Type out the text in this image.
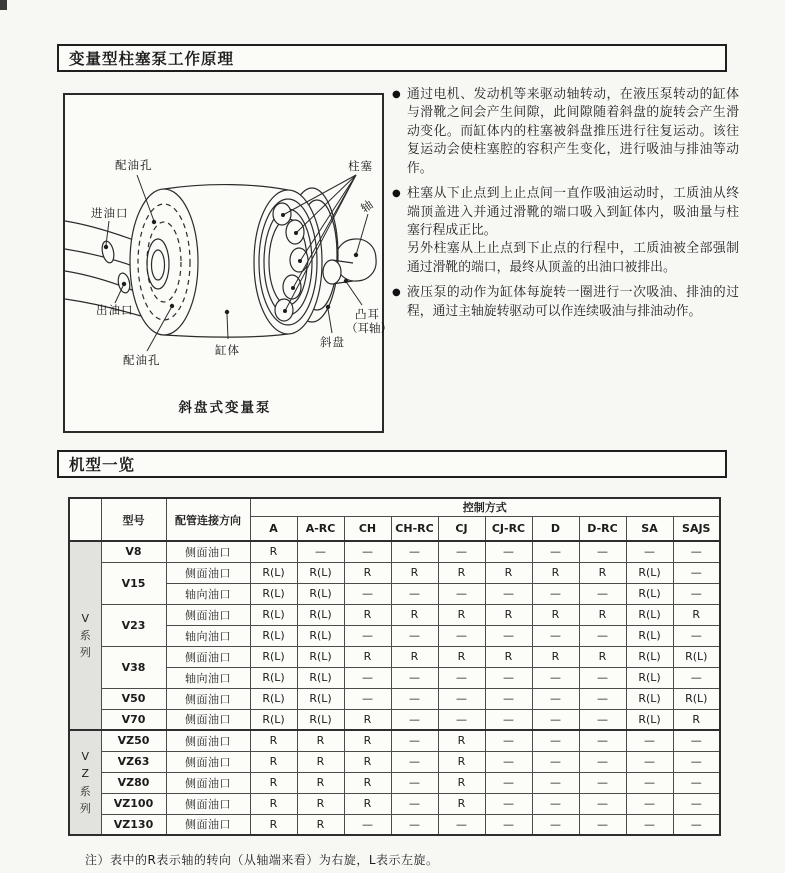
变量型柱塞泵工作原理
配油孔
进油口
出油口
配油孔
缸体
柱塞
轴
凸耳
（耳轴）
斜盘
斜盘式变量泵
● 通过电机、发动机等来驱动轴转动，在液压泵转动的缸体与滑靴之间会产生间隙，此间隙随着斜盘的旋转会产生滑动变化。而缸体内的柱塞被斜盘推压进行往复运动。该往复运动会使柱塞腔的容积产生变化，进行吸油与排油等动作。

● 柱塞从下止点到上止点间一直作吸油运动时，工质油从终端顶盖进入并通过滑靴的端口吸入到缸体内，吸油量与柱塞行程成正比。

另外柱塞从上止点到下止点的行程中，工质油被全部强制通过滑靴的端口，最终从顶盖的出油口被排出。

● 液压泵的动作为缸体每旋转一圈进行一次吸油、排油的过程，通过主轴旋转驱动可以作连续吸油与排油动作。

机型一览
	型号	配管连接方向	控制方式									
			A	A-RC	CH	CH-RC	CJ	CJ-RC	D	D-RC	SA	SAJS

V
系
列	V8	侧面油口	R	—	—	—	—	—	—	—	—	—
	V15	侧面油口	R(L)	R(L)	R	R	R	R	R	R	R(L)	—
		轴向油口	R(L)	R(L)	—	—	—	—	—	—	R(L)	—
	V23	侧面油口	R(L)	R(L)	R	R	R	R	R	R	R(L)	R
		轴向油口	R(L)	R(L)	—	—	—	—	—	—	R(L)	—
	V38	侧面油口	R(L)	R(L)	R	R	R	R	R	R	R(L)	R(L)
		轴向油口	R(L)	R(L)	—	—	—	—	—	—	R(L)	—
	V50	侧面油口	R(L)	R(L)	—	—	—	—	—	—	R(L)	R(L)
	V70	侧面油口	R(L)	R(L)	R	—	—	—	—	—	R(L)	R

V
Z
系
列	VZ50	侧面油口	R	R	R	—	R	—	—	—	—	—
	VZ63	侧面油口	R	R	R	—	R	—	—	—	—	—
	VZ80	侧面油口	R	R	R	—	R	—	—	—	—	—
	VZ100	侧面油口	R	R	R	—	R	—	—	—	—	—
	VZ130	侧面油口	R	R	—	—	—	—	—	—	—	—
注）表中的R表示轴的转向（从轴端来看）为右旋，L表示左旋。
